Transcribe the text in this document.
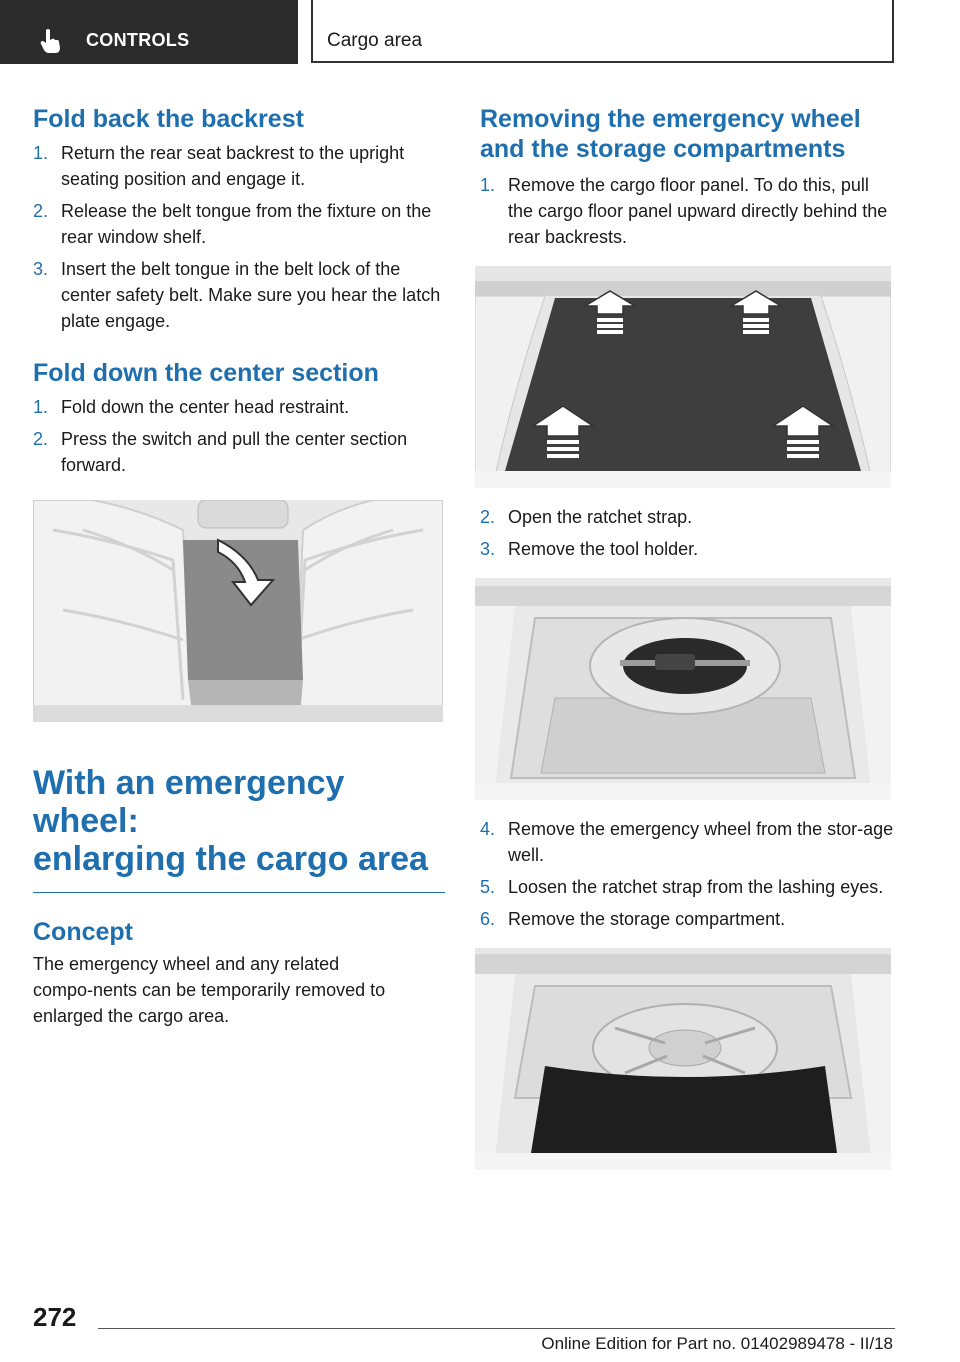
CONTROLS	Cargo area
Fold back the backrest
1. Return the rear seat backrest to the upright seating position and engage it.
2. Release the belt tongue from the fixture on the rear window shelf.
3. Insert the belt tongue in the belt lock of the center safety belt. Make sure you hear the latch plate engage.
Fold down the center section
1. Fold down the center head restraint.
2. Press the switch and pull the center section forward.
With an emergency wheel:
enlarging the cargo area
Concept

The emergency wheel and any related compo‑nents can be temporarily removed to enlarged the cargo area.

Removing the emergency wheel
and the storage compartments
1. Remove the cargo floor panel. To do this, pull the cargo floor panel upward directly behind the rear backrests.
2. Open the ratchet strap.
3. Remove the tool holder.
4. Remove the emergency wheel from the stor‑age well.
5. Loosen the ratchet strap from the lashing eyes.
6. Remove the storage compartment.
272
Online Edition for Part no. 01402989478 - II/18
